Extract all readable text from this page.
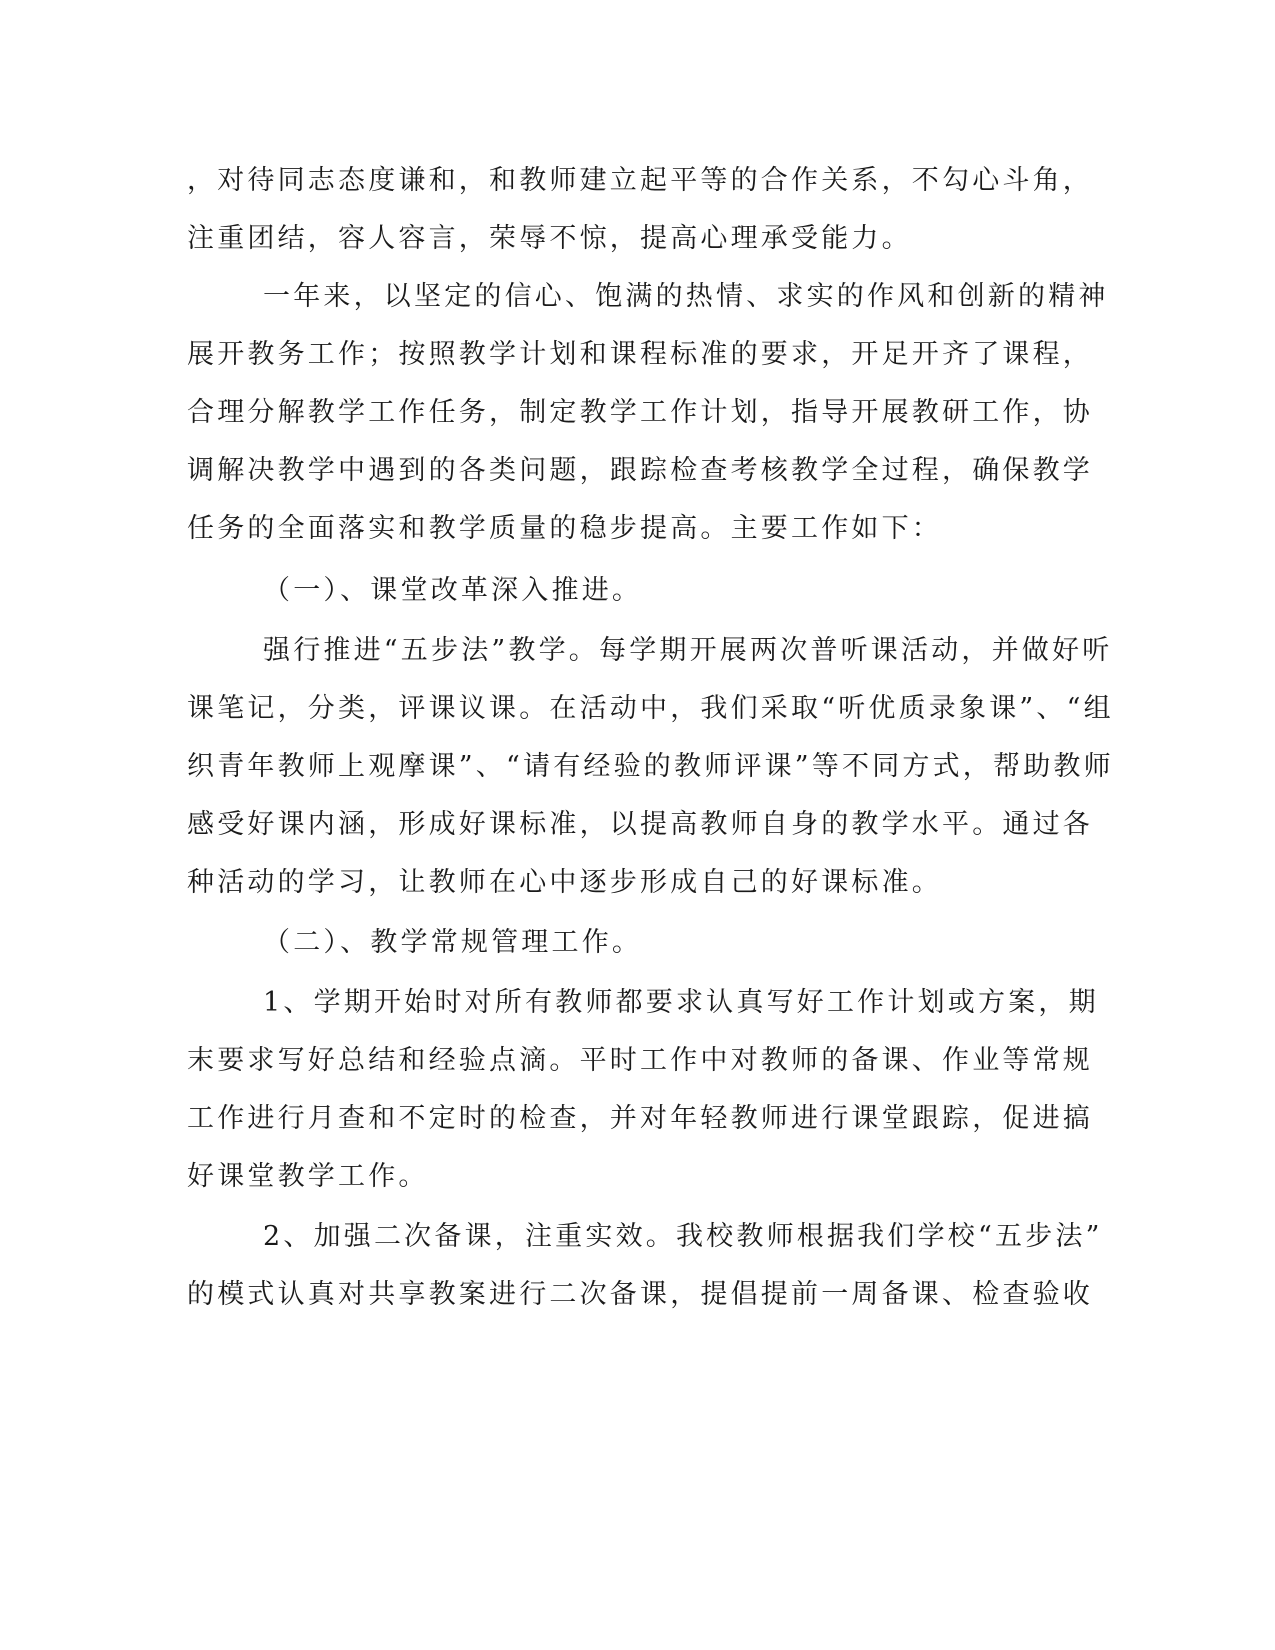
，对待同志态度谦和，和教师建立起平等的合作关系，不勾心斗角，
注重团结，容人容言，荣辱不惊，提高心理承受能力。
一年来，以坚定的信心、饱满的热情、求实的作风和创新的精神
展开教务工作；按照教学计划和课程标准的要求，开足开齐了课程，
合理分解教学工作任务，制定教学工作计划，指导开展教研工作，协
调解决教学中遇到的各类问题，跟踪检查考核教学全过程，确保教学
任务的全面落实和教学质量的稳步提高。主要工作如下：
（一）、课堂改革深入推进。
强行推进“五步法”教学。每学期开展两次普听课活动，并做好听
课笔记，分类，评课议课。在活动中，我们采取“听优质录象课”、“组
织青年教师上观摩课”、“请有经验的教师评课”等不同方式，帮助教师
感受好课内涵，形成好课标准，以提高教师自身的教学水平。通过各
种活动的学习，让教师在心中逐步形成自己的好课标准。
（二）、教学常规管理工作。
1、学期开始时对所有教师都要求认真写好工作计划或方案，期
末要求写好总结和经验点滴。平时工作中对教师的备课、作业等常规
工作进行月查和不定时的检查，并对年轻教师进行课堂跟踪，促进搞
好课堂教学工作。
2、加强二次备课，注重实效。我校教师根据我们学校“五步法”
的模式认真对共享教案进行二次备课，提倡提前一周备课、检查验收
